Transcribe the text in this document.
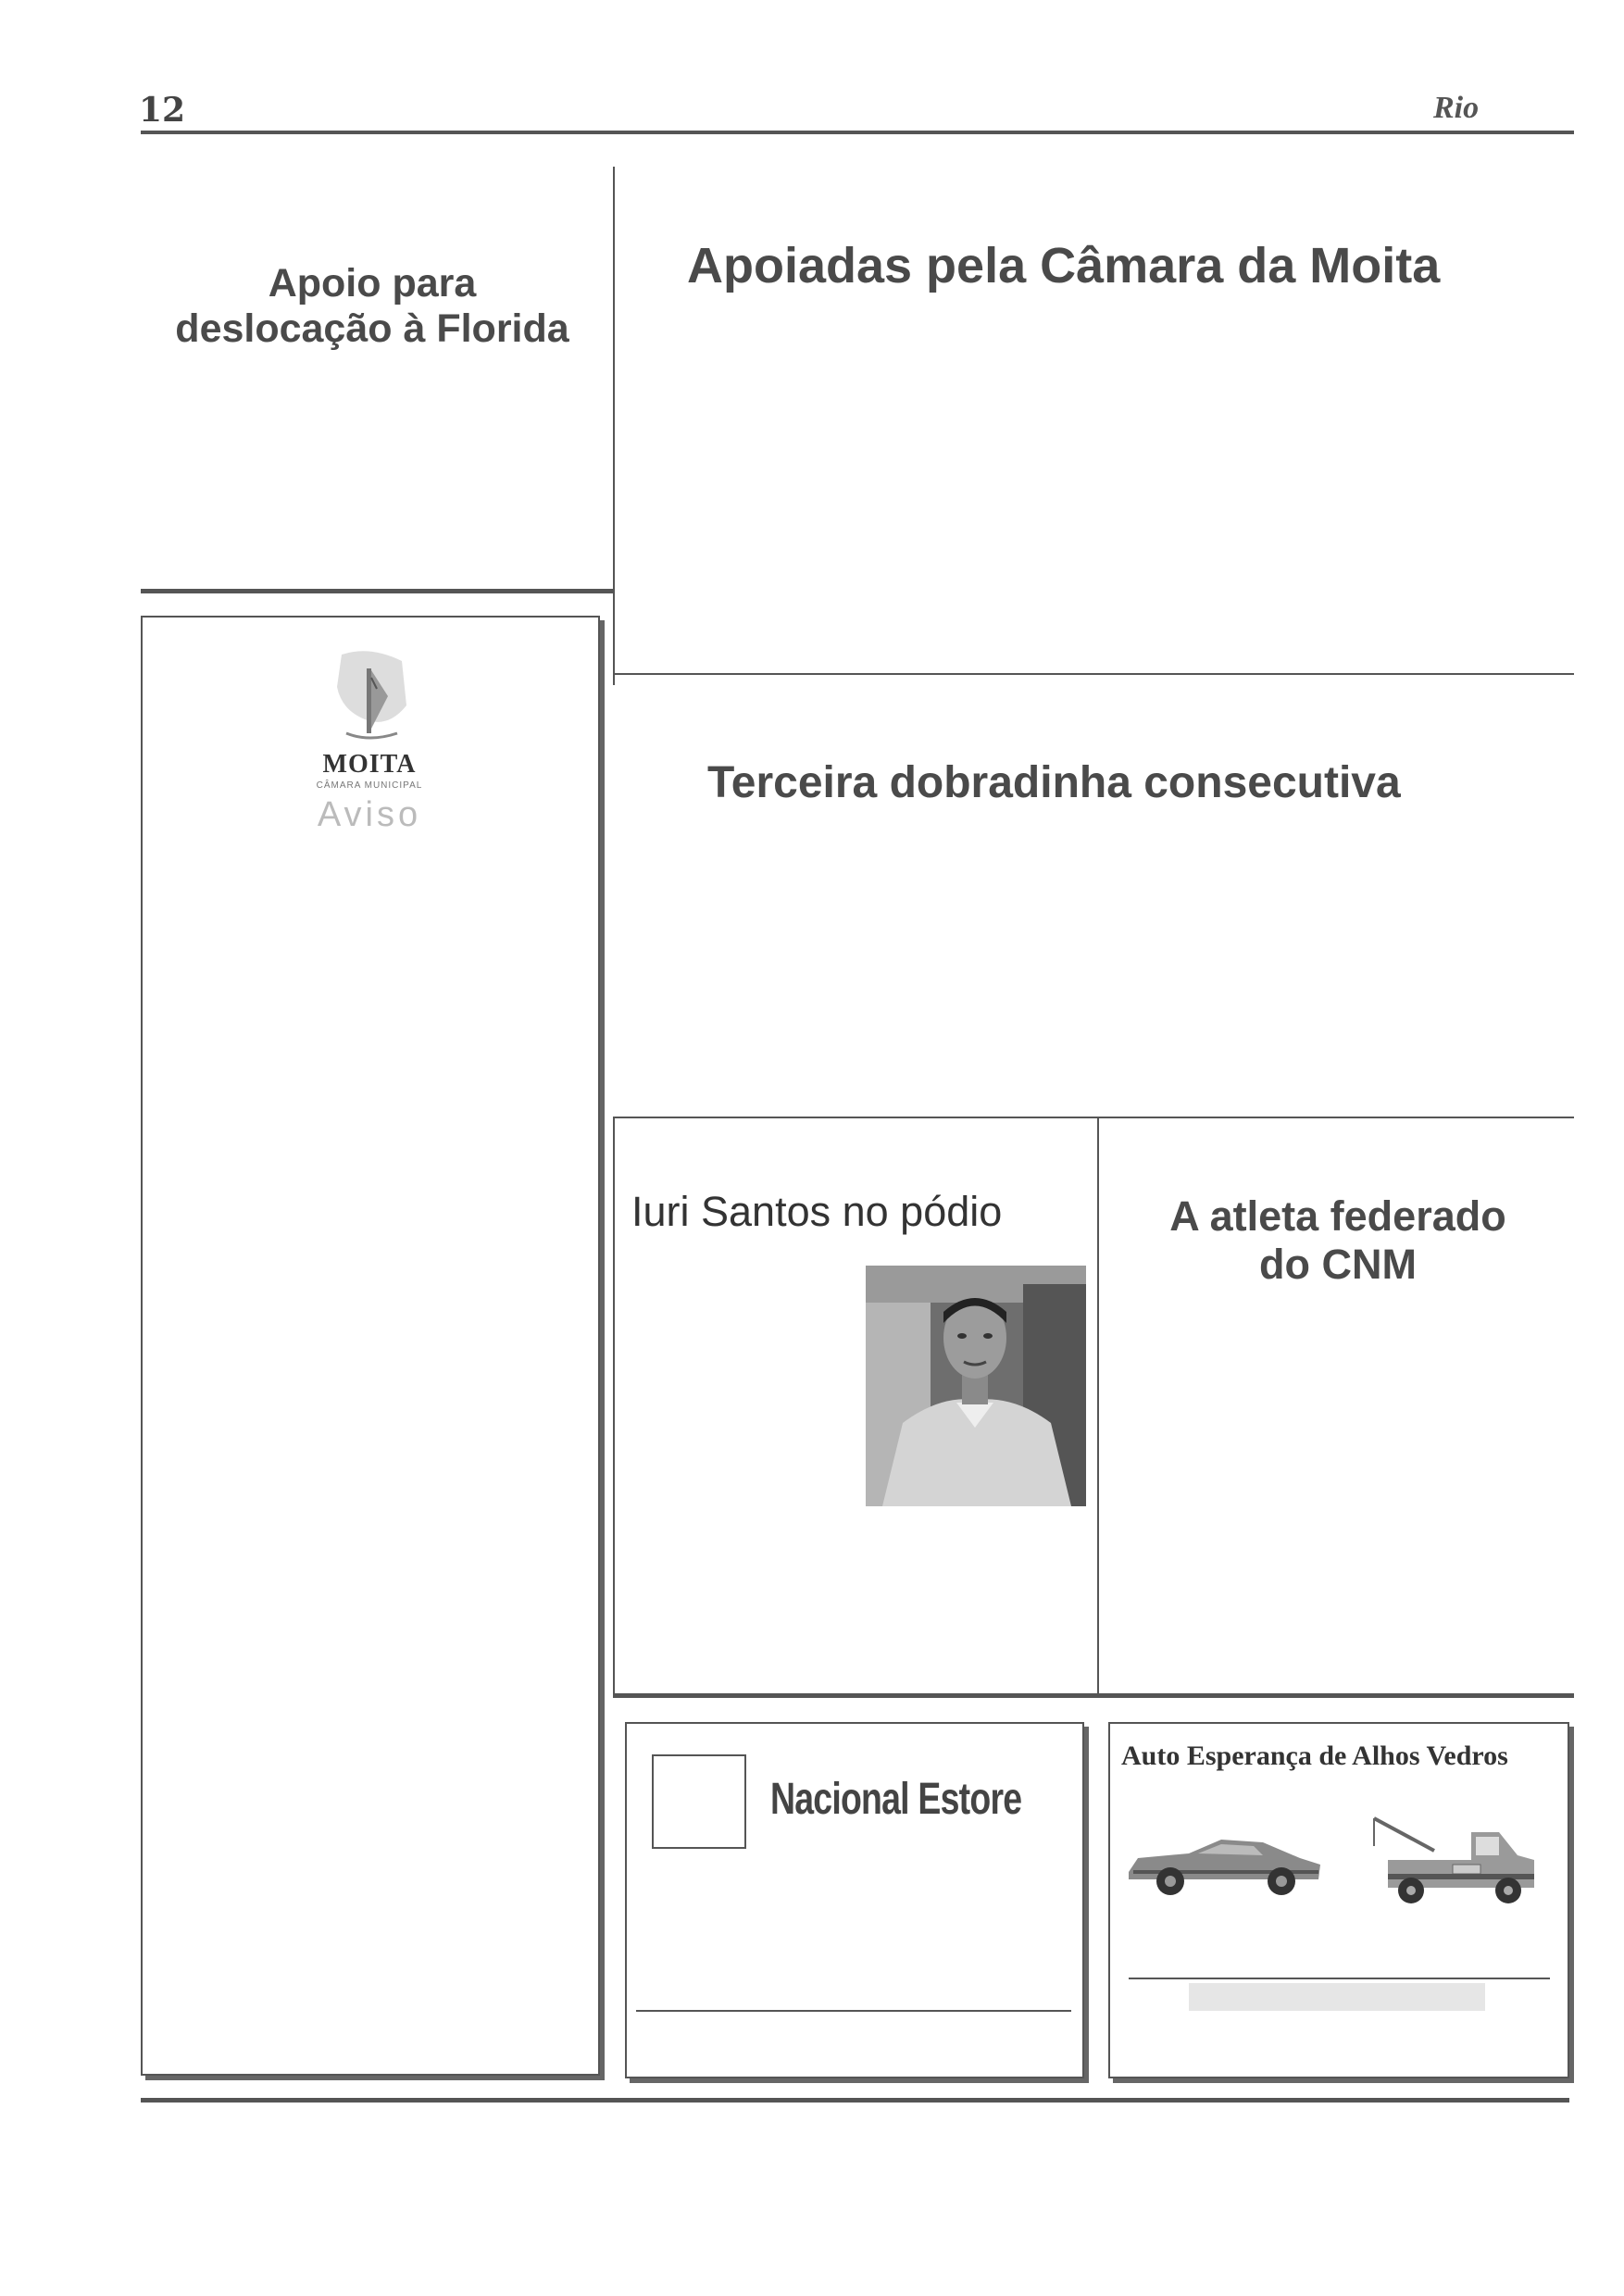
12	Rio
Apoio para
deslocação à Florida
Apoiadas pela Câmara da Moita
Terceira dobradinha consecutiva
MOITA
CÂMARA MUNICIPAL
Aviso
Iuri Santos no pódio	A atleta federado
do CNM
Nacional Estore
Auto Esperança de Alhos Vedros
